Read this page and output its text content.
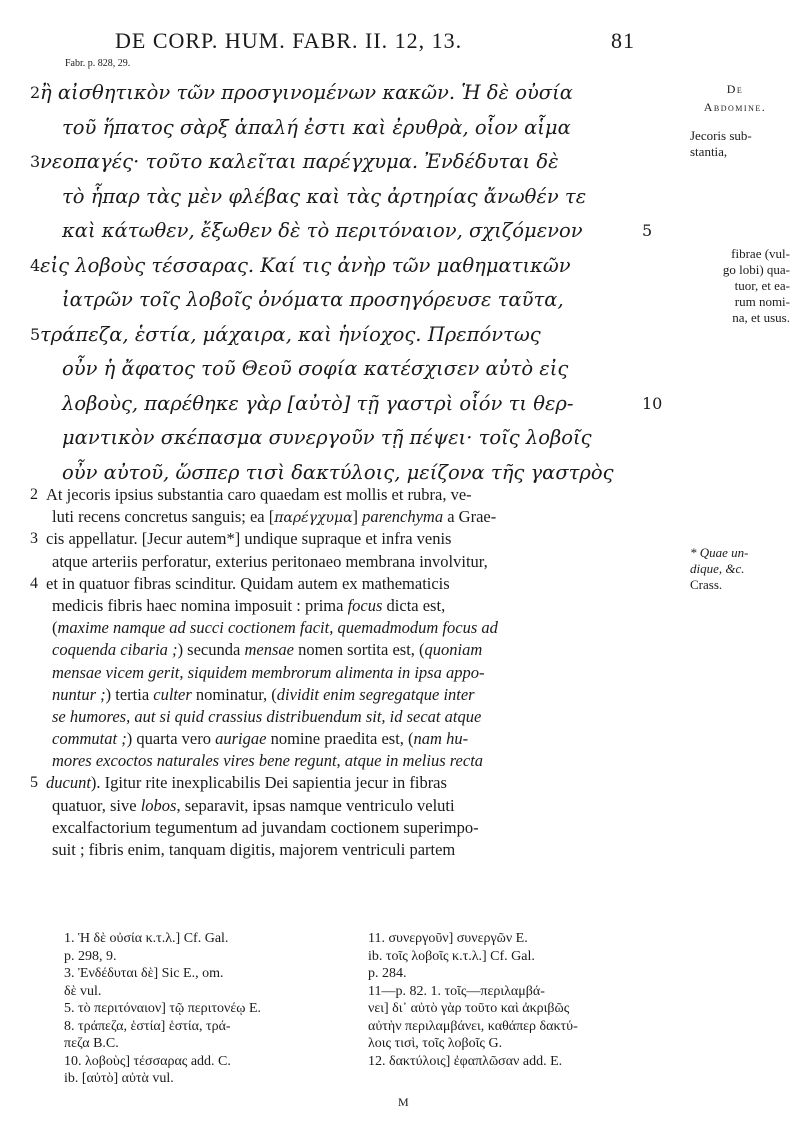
DE CORP. HUM. FABR. II. 12, 13.	81
Fabr. p. 828, 29.
2 ἢ αἰσθητικὸν τῶν προσγινομένων κακῶν. Ἡ δὲ οὐσία
τοῦ ἥπατος σὰρξ ἁπαλή ἐστι καὶ ἐρυθρὰ, οἷον αἷμα
3 νεοπαγές· τοῦτο καλεῖται παρέγχυμα. Ἐνδέδυται δὲ
τὸ ἧπαρ τὰς μὲν φλέβας καὶ τὰς ἀρτηρίας ἄνωθέν τε
καὶ κάτωθεν, ἔξωθεν δὲ τὸ περιτόναιον, σχιζόμενον	5
4 εἰς λοβοὺς τέσσαρας. Καί τις ἀνὴρ τῶν μαθηματικῶν
ἰατρῶν τοῖς λοβοῖς ὀνόματα προσηγόρευσε ταῦτα,
5 τράπεζα, ἑστία, μάχαιρα, καὶ ἡνίοχος. Πρεπόντως
οὖν ἡ ἄφατος τοῦ Θεοῦ σοφία κατέσχισεν αὐτὸ εἰς
λοβοὺς, παρέθηκε γὰρ [αὐτὸ] τῇ γαστρὶ οἷόν τι θερ-	10
μαντικὸν σκέπασμα συνεργοῦν τῇ πέψει· τοῖς λοβοῖς
οὖν αὐτοῦ, ὥσπερ τισὶ δακτύλοις, μείζονα τῆς γαστρὸς
2 At jecoris ipsius substantia caro quaedam est mollis et rubra, ve-
luti recens concretus sanguis; ea [παρέγχυμα] parenchyma a Grae-
3 cis appellatur. [Jecur autem*] undique supraque et infra venis
atque arteriis perforatur, exterius peritonaeo membrana involvitur,
4 et in quatuor fibras scinditur. Quidam autem ex mathematicis
medicis fibris haec nomina imposuit : prima focus dicta est,
(maxime namque ad succi coctionem facit, quemadmodum focus ad
coquenda cibaria ;) secunda mensae nomen sortita est, (quoniam
mensae vicem gerit, siquidem membrorum alimenta in ipsa appo-
nuntur ;) tertia culter nominatur, (dividit enim segregatque inter
se humores, aut si quid crassius distribuendum sit, id secat atque
commutat ;) quarta vero aurigae nomine praedita est, (nam hu-
mores excoctos naturales vires bene regunt, atque in melius recta
5 ducunt). Igitur rite inexplicabilis Dei sapientia jecur in fibras
quatuor, sive lobos, separavit, ipsas namque ventriculo veluti
excalfactorium tegumentum ad juvandam coctionem superimpo-
suit ; fibris enim, tanquam digitis, majorem ventriculi partem
De
Abdomine.
Jecoris sub-
stantia,
fibrae (vul-
go lobi) qua-
tuor, et ea-
rum nomi-
na, et usus.
* Quae un-
dique, &c.
Crass.
1. Ἡ δὲ οὐσία κ.τ.λ.] Cf. Gal.
p. 298, 9.
3. Ἐνδέδυται δὲ] Sic E., om.
δὲ vul.
5. τὸ περιτόναιον] τῷ περιτονέῳ E.
8. τράπεζα, ἑστία] ἑστία, τρά-
πεζα B.C.
10. λοβοὺς] τέσσαρας add. C.
ib. [αὐτὸ] αὐτὰ vul.
11. συνεργοῦν] συνεργῶν E.
ib. τοῖς λοβοῖς κ.τ.λ.] Cf. Gal.
p. 284.
11—p. 82. 1. τοῖς—περιλαμβά-
νει] δι᾽ αὐτὸ γὰρ τοῦτο καὶ ἀκριβῶς
αὐτὴν περιλαμβάνει, καθάπερ δακτύ-
λοις τισὶ, τοῖς λοβοῖς G.
12. δακτύλοις] ἐφαπλῶσαν add. E.
M
